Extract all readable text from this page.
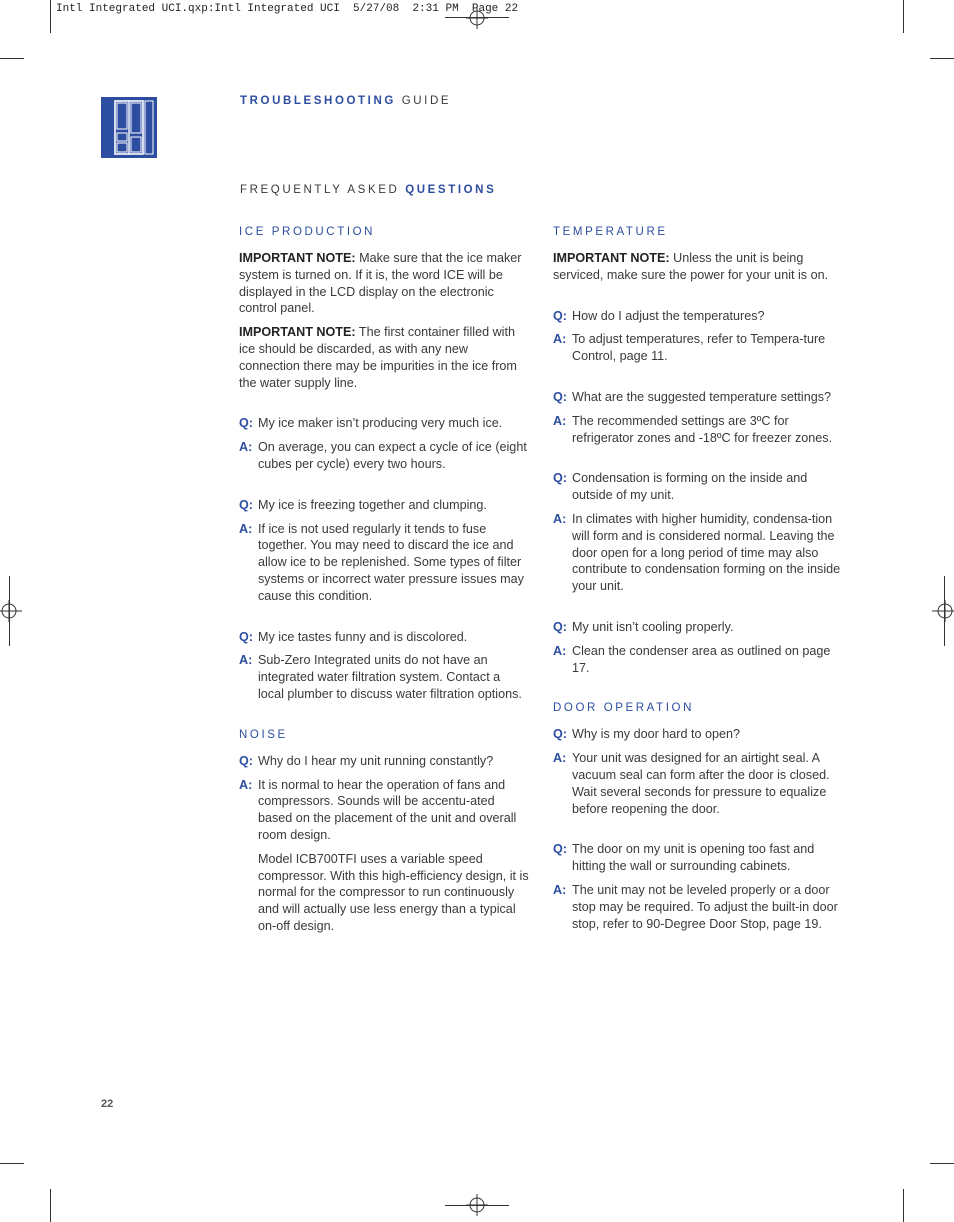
Intl Integrated UCI.qxp:Intl Integrated UCI  5/27/08  2:31 PM  Page 22
TROUBLESHOOTING GUIDE
FREQUENTLY ASKED QUESTIONS
ICE PRODUCTION

IMPORTANT NOTE: Make sure that the ice maker system is turned on. If it is, the word ICE will be displayed in the LCD display on the electronic control panel.

IMPORTANT NOTE: The first container filled with ice should be discarded, as with any new connection there may be impurities in the ice from the water supply line.

Q: My ice maker isn’t producing very much ice.
A: On average, you can expect a cycle of ice (eight cubes per cycle) every two hours.
Q: My ice is freezing together and clumping.
A: If ice is not used regularly it tends to fuse together. You may need to discard the ice and allow ice to be replenished. Some types of filter systems or incorrect water pressure issues may cause this condition.
Q: My ice tastes funny and is discolored.
A: Sub-Zero Integrated units do not have an integrated water filtration system. Contact a local plumber to discuss water filtration options.
NOISE
Q: Why do I hear my unit running constantly?
A: It is normal to hear the operation of fans and compressors. Sounds will be accentu-ated based on the placement of the unit and overall room design.

Model ICB700TFI uses a variable speed compressor. With this high-efficiency design, it is normal for the compressor to run continuously and will actually use less energy than a typical on-off design.

TEMPERATURE

IMPORTANT NOTE: Unless the unit is being serviced, make sure the power for your unit is on.

Q: How do I adjust the temperatures?
A: To adjust temperatures, refer to Tempera-ture Control, page 11.
Q: What are the suggested temperature settings?
A: The recommended settings are 3ºC for refrigerator zones and -18ºC for freezer zones.
Q: Condensation is forming on the inside and outside of my unit.
A: In climates with higher humidity, condensa-tion will form and is considered normal. Leaving the door open for a long period of time may also contribute to condensation forming on the inside your unit.
Q: My unit isn’t cooling properly.
A: Clean the condenser area as outlined on page 17.
DOOR OPERATION
Q: Why is my door hard to open?
A: Your unit was designed for an airtight seal. A vacuum seal can form after the door is closed. Wait several seconds for pressure to equalize before reopening the door.
Q: The door on my unit is opening too fast and hitting the wall or surrounding cabinets.
A: The unit may not be leveled properly or a door stop may be required. To adjust the built-in door stop, refer to 90-Degree Door Stop, page 19.
22
